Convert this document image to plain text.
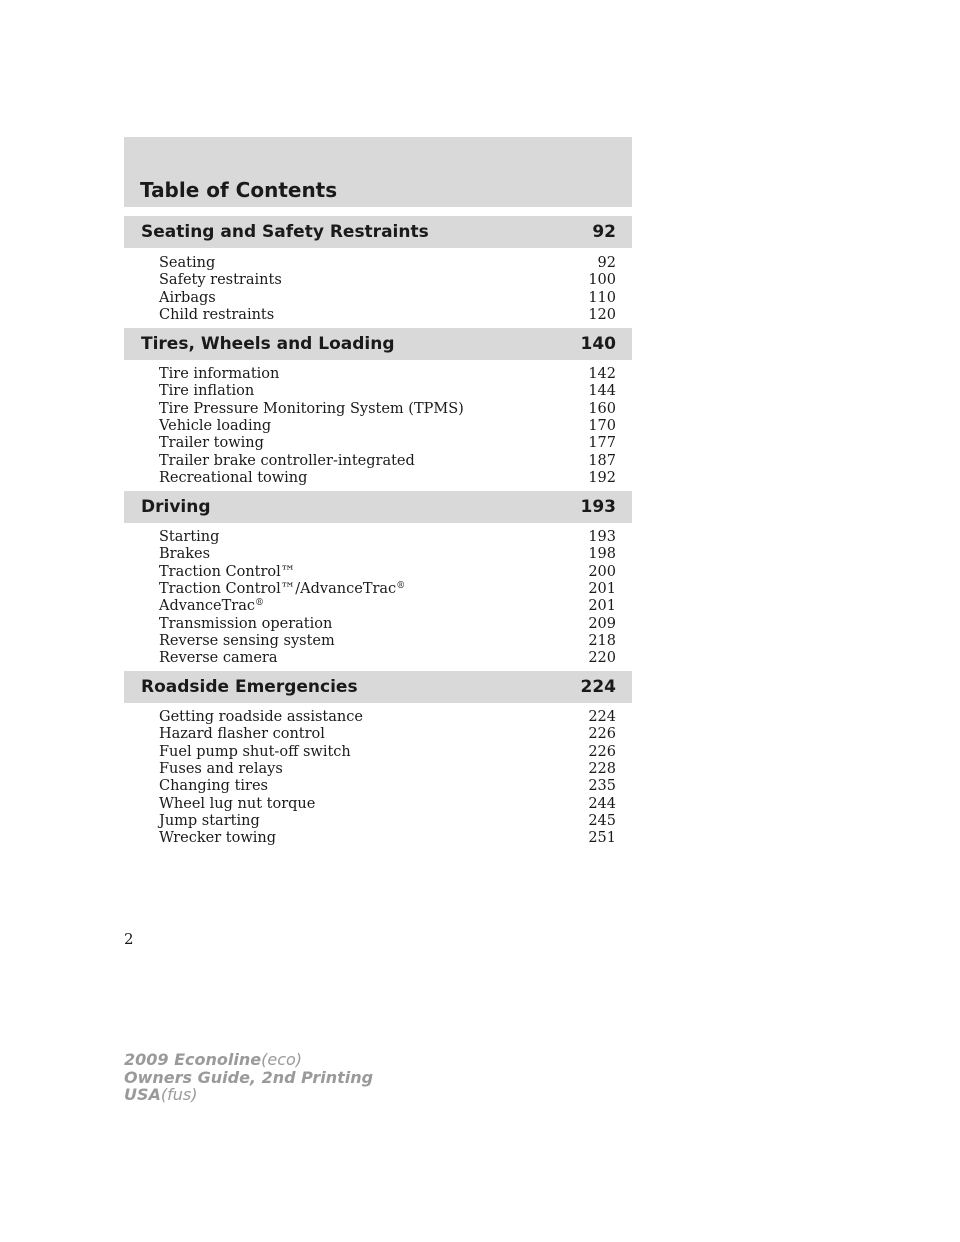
Table of Contents
Seating and Safety Restraints	92
Seating	92
Safety restraints	100
Airbags	110
Child restraints	120
Tires, Wheels and Loading	140
Tire information	142
Tire inflation	144
Tire Pressure Monitoring System (TPMS)	160
Vehicle loading	170
Trailer towing	177
Trailer brake controller-integrated	187
Recreational towing	192
Driving	193
Starting	193
Brakes	198
Traction Control™	200
Traction Control™/AdvanceTrac®	201
AdvanceTrac®	201
Transmission operation	209
Reverse sensing system	218
Reverse camera	220
Roadside Emergencies	224
Getting roadside assistance	224
Hazard flasher control	226
Fuel pump shut-off switch	226
Fuses and relays	228
Changing tires	235
Wheel lug nut torque	244
Jump starting	245
Wrecker towing	251
2
2009 Econoline(eco)
Owners Guide, 2nd Printing
USA(fus)
